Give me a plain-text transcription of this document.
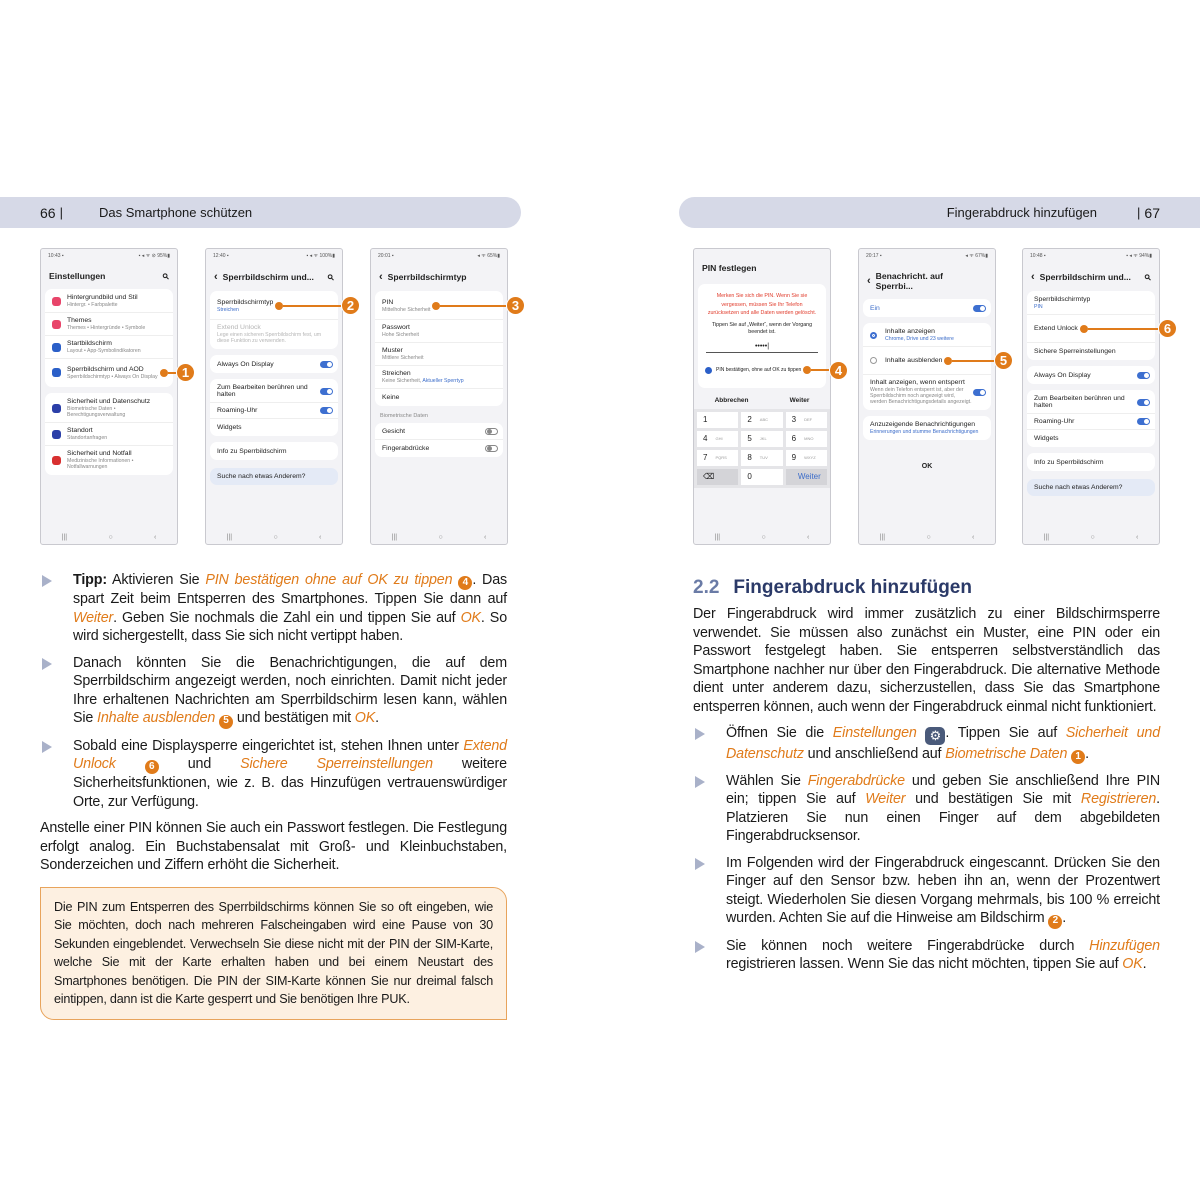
66 |	Das Smartphone schützen	Fingerabdruck hinzufügen	| 67
10:43 ▪	▪ ◂ ᯤ ⊘ 95%▮
Einstellungen	⚲
Hintergrundbild und Stil
Hintergr. • Farbpalette
Themes
Themes • Hintergründe • Symbole
Startbildschirm
Layout • App-Symbolindikatoren
Sperrbildschirm und AOD
Sperrbildschirmtyp • Always On Display	1
Sicherheit und Datenschutz
Biometrische Daten • Berechtigungsverwaltung
Standort
Standortanfragen
Sicherheit und Notfall
Medizinische Informationen • Notfallwarnungen
|||	○	‹
12:40 ▪	▪ ◂ ᯤ 100%▮
‹ Sperrbildschirm und... ⚲
Sperrbildschirmtyp
Streichen	2
Extend Unlock
Lege einen sicheren Sperrbildschirm fest, um diese Funktion zu verwenden.
Always On Display
Zum Bearbeiten berühren und halten
Roaming-Uhr
Widgets
Info zu Sperrbildschirm
Suche nach etwas Anderem?
|||	○	‹
20:01 ▪	◂ ᯤ 65%▮
‹ Sperrbildschirmtyp
PIN
Mittelhohe Sicherheit	3
Passwort
Hohe Sicherheit
Muster
Mittlere Sicherheit
Streichen
Keine Sicherheit, Aktueller Sperrtyp
Keine
Biometrische Daten
Gesicht
Fingerabdrücke
|||	○	‹
PIN festlegen
Merken Sie sich die PIN. Wenn Sie sie vergessen, müssen Sie Ihr Telefon zurücksetzen und alle Daten werden gelöscht.
Tippen Sie auf „Weiter“, wenn der Vorgang beendet ist.
•••••|
PIN bestätigen, ohne auf OK zu tippen	4
Abbrechen	Weiter
1	2 ABC	3 DEF
4 GHI	5 JKL	6 MNO
7 PQRS	8 TUV	9 WXYZ
⌫	0	Weiter
|||	○	‹
20:17 ▪	◂ ᯤ 67%▮
‹ Benachricht. auf Sperrbi...
Ein
Inhalte anzeigen
Chrome, Drive und 23 weitere
Inhalte ausblenden	5
Inhalt anzeigen, wenn entsperrt
Wenn dein Telefon entsperrt ist, aber der Sperrbildschirm noch angezeigt wird, werden Benachrichtigungsdetails angezeigt.
Anzuzeigende Benachrichtigungen
Erinnerungen und stumme Benachrichtigungen
OK
|||	○	‹
10:48 ▪	▪ ◂ ᯤ 94%▮
‹ Sperrbildschirm und... ⚲
Sperrbildschirmtyp
PIN
Extend Unlock	6
Sichere Sperreinstellungen
Always On Display
Zum Bearbeiten berühren und halten
Roaming-Uhr
Widgets
Info zu Sperrbildschirm
Suche nach etwas Anderem?
|||	○	‹
Tipp: Aktivieren Sie PIN bestätigen ohne auf OK zu tippen 4 . Das spart Zeit beim Entsperren des Smartphones. Tippen Sie dann auf Weiter. Geben Sie nochmals die Zahl ein und tippen Sie auf OK. So wird sichergestellt, dass Sie sich nicht vertippt haben.
Danach könnten Sie die Benachrichtigungen, die auf dem Sperrbildschirm angezeigt werden, noch einrichten. Damit nicht jeder Ihre erhaltenen Nachrichten am Sperrbildschirm lesen kann, wählen Sie Inhalte ausblenden 5 und bestätigen mit OK.
Sobald eine Displaysperre eingerichtet ist, stehen Ihnen unter Extend Unlock	6 und Sichere Sperreinstellungen weitere Sicherheitsfunktionen, wie z. B. das Hinzufügen vertrauenswürdiger Orte, zur Verfügung.
Anstelle einer PIN können Sie auch ein Passwort festlegen. Die Festlegung erfolgt analog. Ein Buchstabensalat mit Groß- und Kleinbuchstaben, Sonderzeichen und Ziffern erhöht die Sicherheit.
Die PIN zum Entsperren des Sperrbildschirms können Sie so oft eingeben, wie Sie möchten, doch nach mehreren Falscheingaben wird eine Pause von 30 Sekunden eingeblendet. Verwechseln Sie diese nicht mit der PIN der SIM-Karte, welche Sie mit der Karte erhalten haben und bei einem Neustart des Smartphones benötigen. Die PIN der SIM-Karte können Sie nur dreimal falsch eintippen, dann ist die Karte gesperrt und Sie benötigen Ihre PUK.
2.2 Fingerabdruck hinzufügen
Der Fingerabdruck wird immer zusätzlich zu einer Bildschirmsperre verwendet. Sie müssen also zunächst ein Muster, eine PIN oder ein Passwort festgelegt haben. Sie entsperren selbstverständlich das Smartphone nachher nur über den Fingerabdruck. Die alternative Methode dient unter anderem dazu, sicherzustellen, dass Sie das Smartphone entsperren können, auch wenn der Fingerabdruck einmal nicht funktioniert.
Öffnen Sie die Einstellungen ⚙ . Tippen Sie auf Sicherheit und Datenschutz und anschließend auf Biometrische Daten 1 .
Wählen Sie Fingerabdrücke und geben Sie anschließend Ihre PIN ein; tippen Sie auf Weiter und bestätigen Sie mit Registrieren. Platzieren Sie nun einen Finger auf dem abgebildeten Fingerabdrucksensor.
Im Folgenden wird der Fingerabdruck eingescannt. Drücken Sie den Finger auf den Sensor bzw. heben ihn an, wenn der Prozentwert steigt. Wiederholen Sie diesen Vorgang mehrmals, bis 100 % erreicht wurden. Achten Sie auf die Hinweise am Bildschirm 2 .
Sie können noch weitere Fingerabdrücke durch Hinzufügen registrieren lassen. Wenn Sie das nicht möchten, tippen Sie auf OK.
